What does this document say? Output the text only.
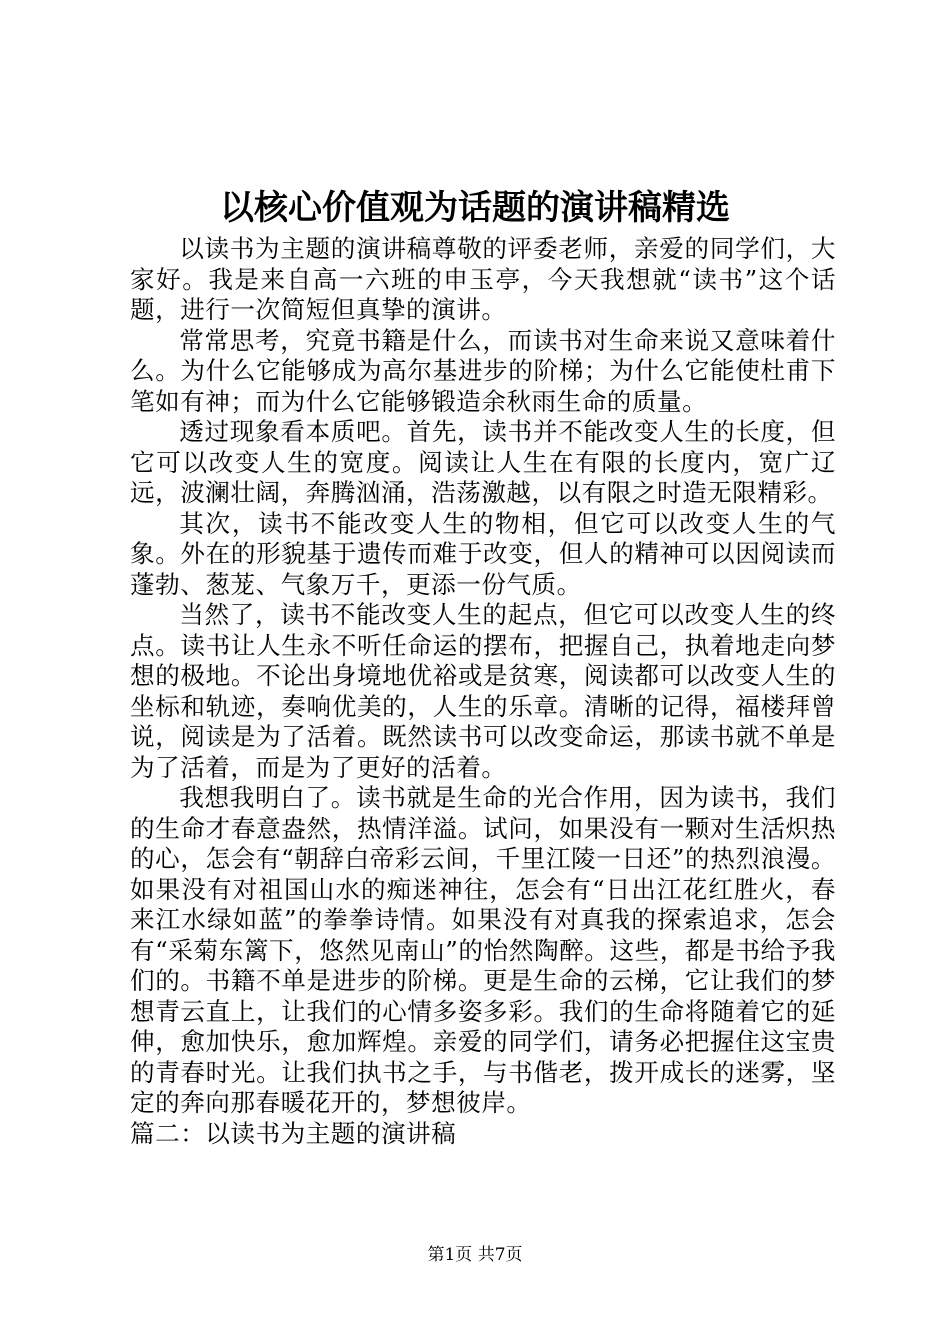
以核心价值观为话题的演讲稿精选

以读书为主题的演讲稿尊敬的评委老师，亲爱的同学们，大家好。我是来自高一六班的申玉亭，今天我想就“读书”这个话题，进行一次简短但真挚的演讲。

常常思考，究竟书籍是什么，而读书对生命来说又意味着什么。为什么它能够成为高尔基进步的阶梯；为什么它能使杜甫下笔如有神；而为什么它能够锻造余秋雨生命的质量。

透过现象看本质吧。首先，读书并不能改变人生的长度，但它可以改变人生的宽度。阅读让人生在有限的长度内，宽广辽远，波澜壮阔，奔腾汹涌，浩荡激越，以有限之时造无限精彩。

其次，读书不能改变人生的物相，但它可以改变人生的气象。外在的形貌基于遗传而难于改变，但人的精神可以因阅读而蓬勃、葱茏、气象万千，更添一份气质。

当然了，读书不能改变人生的起点，但它可以改变人生的终点。读书让人生永不听任命运的摆布，把握自己，执着地走向梦想的极地。不论出身境地优裕或是贫寒，阅读都可以改变人生的坐标和轨迹，奏响优美的，人生的乐章。清晰的记得，福楼拜曾说，阅读是为了活着。既然读书可以改变命运，那读书就不单是为了活着，而是为了更好的活着。

我想我明白了。读书就是生命的光合作用，因为读书，我们的生命才春意盎然，热情洋溢。试问，如果没有一颗对生活炽热的心，怎会有“朝辞白帝彩云间，千里江陵一日还”的热烈浪漫。如果没有对祖国山水的痴迷神往，怎会有“日出江花红胜火，春来江水绿如蓝”的拳拳诗情。如果没有对真我的探索追求，怎会有“采菊东篱下，悠然见南山”的怡然陶醉。这些，都是书给予我们的。书籍不单是进步的阶梯。更是生命的云梯，它让我们的梦想青云直上，让我们的心情多姿多彩。我们的生命将随着它的延伸，愈加快乐，愈加辉煌。亲爱的同学们，请务必把握住这宝贵的青春时光。让我们执书之手，与书偕老，拨开成长的迷雾，坚定的奔向那春暖花开的，梦想彼岸。

篇二：以读书为主题的演讲稿

第1页 共7页
